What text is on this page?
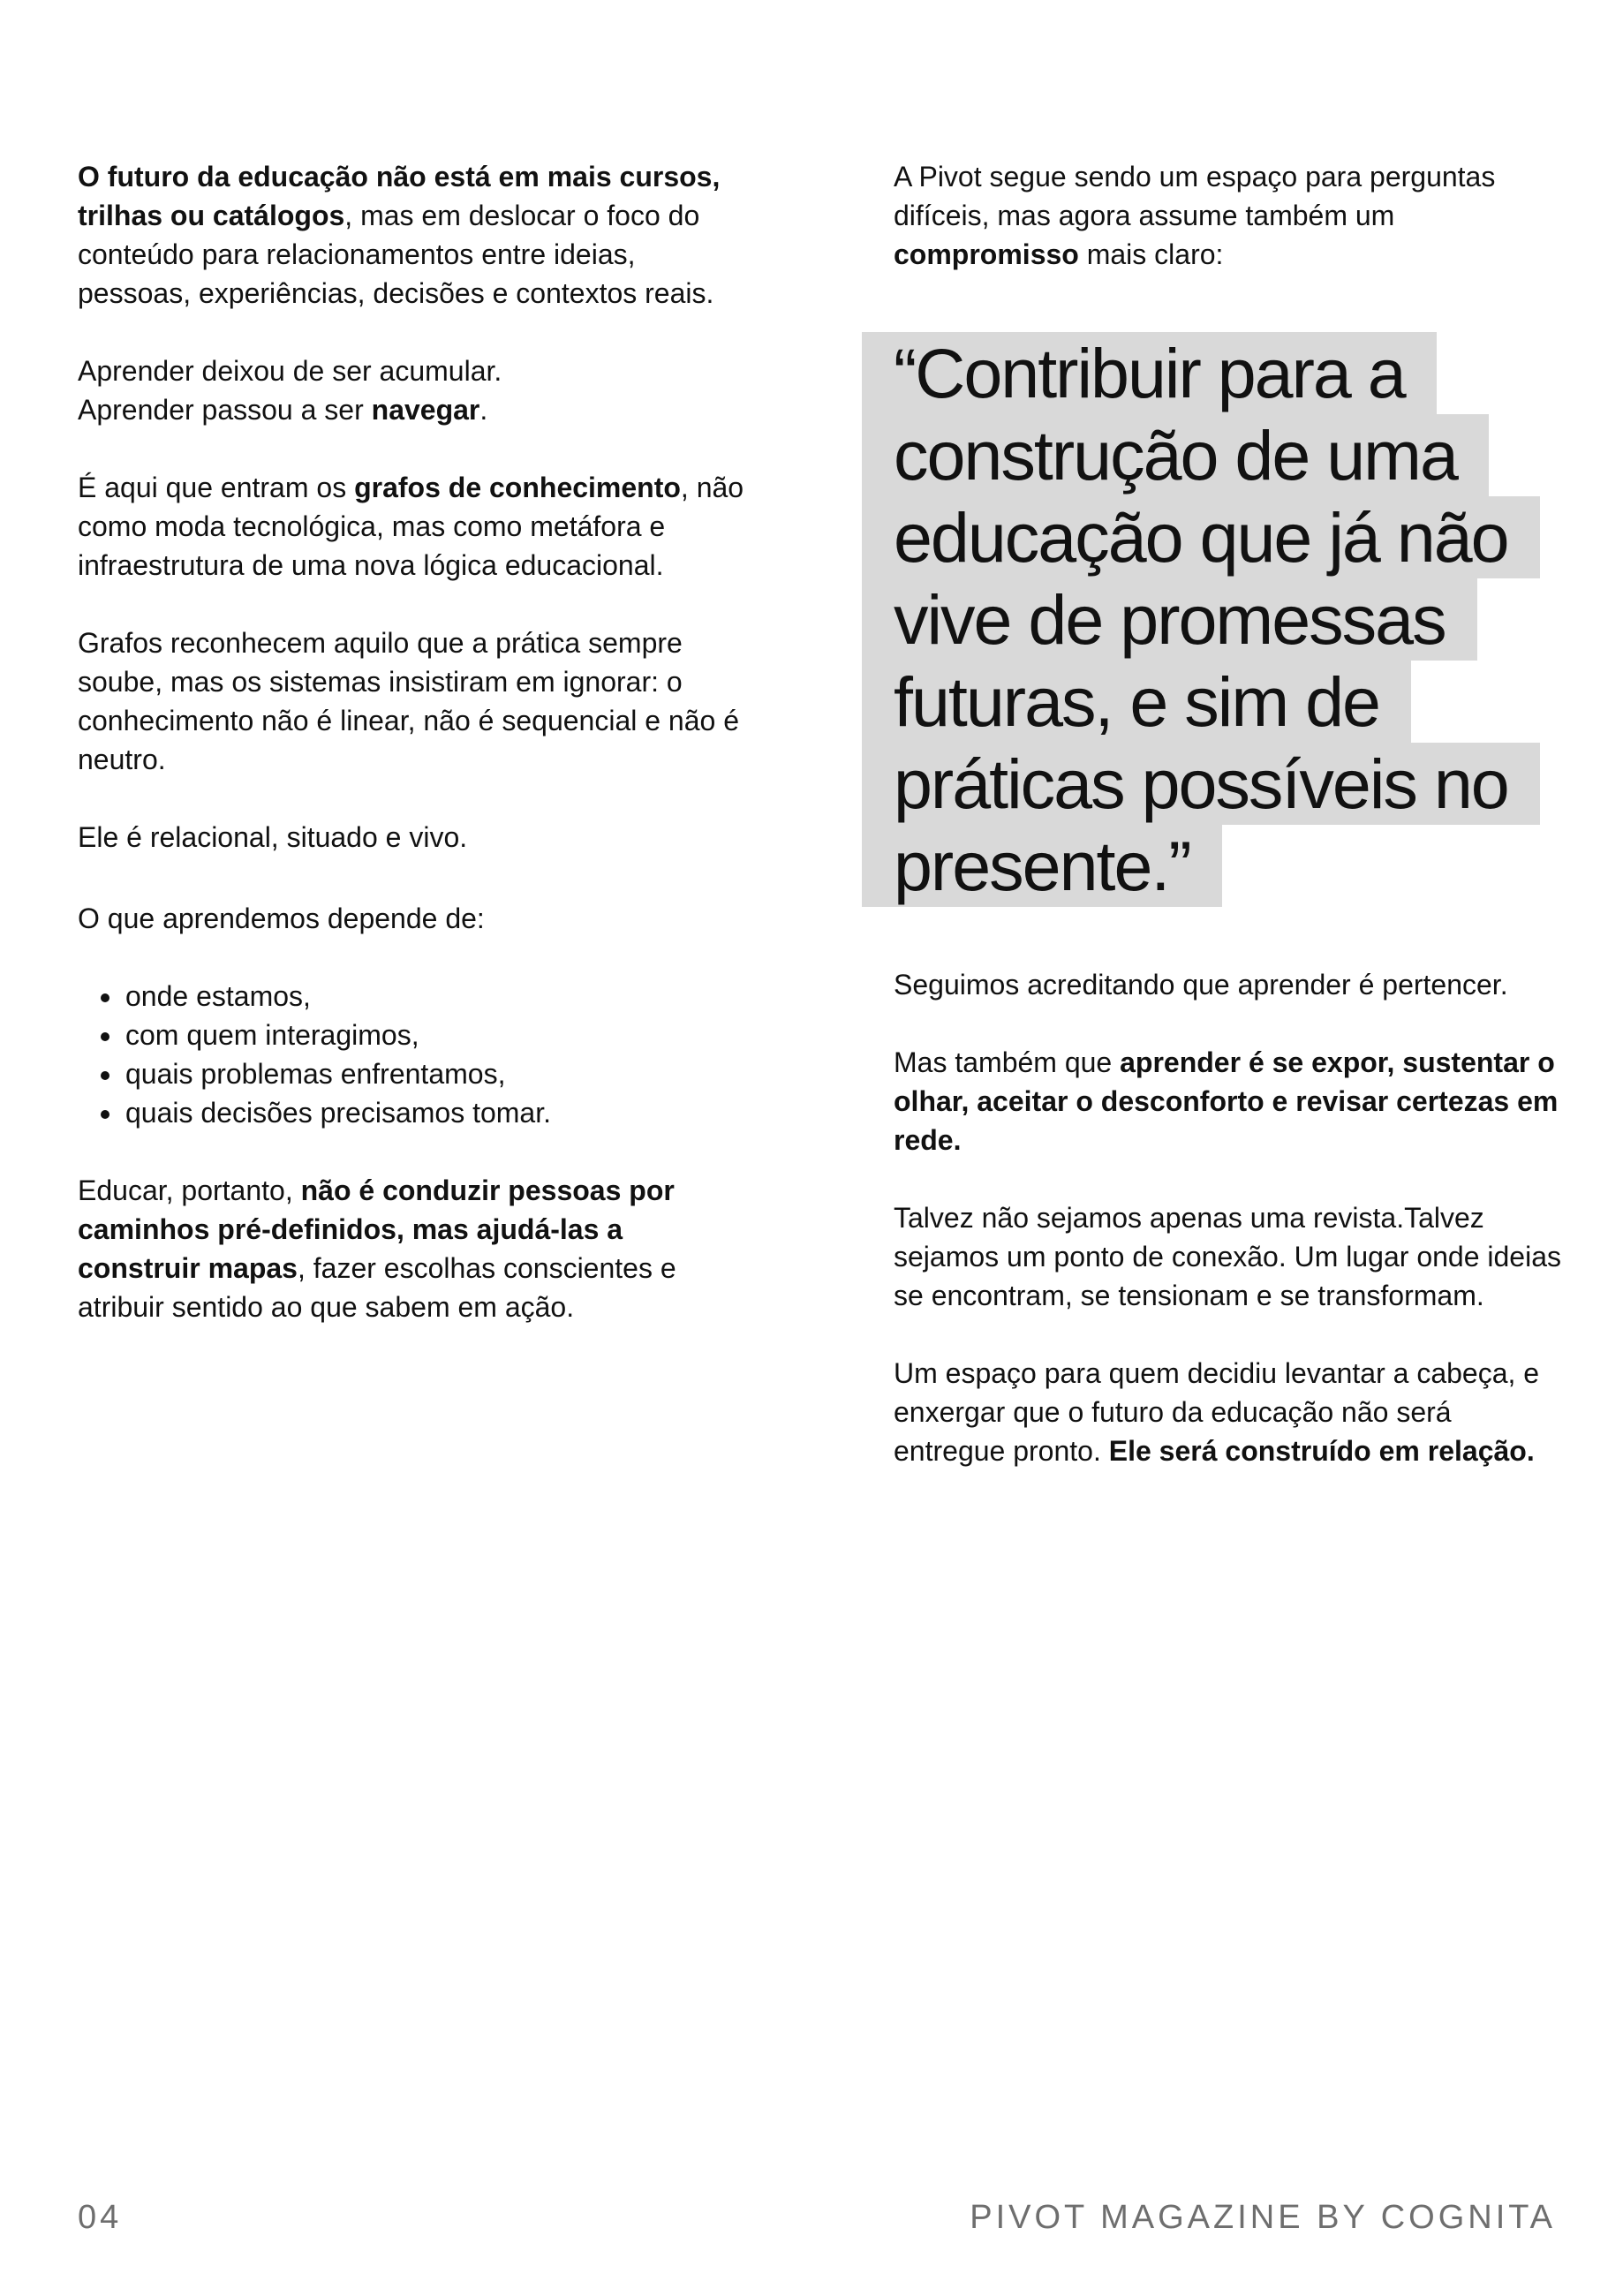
O futuro da educação não está em mais cursos, trilhas ou catálogos, mas em deslocar o foco do conteúdo para relacionamentos entre ideias, pessoas, experiências, decisões e contextos reais.

Aprender deixou de ser acumular.
Aprender passou a ser navegar.

É aqui que entram os grafos de conhecimento, não como moda tecnológica, mas como metáfora e infraestrutura de uma nova lógica educacional.

Grafos reconhecem aquilo que a prática sempre soube, mas os sistemas insistiram em ignorar: o conhecimento não é linear, não é sequencial e não é neutro.

Ele é relacional, situado e vivo.

O que aprendemos depende de:

• onde estamos,
• com quem interagimos,
• quais problemas enfrentamos,
• quais decisões precisamos tomar.

Educar, portanto, não é conduzir pessoas por caminhos pré-definidos, mas ajudá-las a construir mapas, fazer escolhas conscientes e atribuir sentido ao que sabem em ação.

A Pivot segue sendo um espaço para perguntas difíceis, mas agora assume também um compromisso mais claro:

“Contribuir para a
construção de uma
educação que já não
vive de promessas
futuras, e sim de
práticas possíveis no
presente.”

Seguimos acreditando que aprender é pertencer.

Mas também que aprender é se expor, sustentar o olhar, aceitar o desconforto e revisar certezas em rede.

Talvez não sejamos apenas uma revista.Talvez sejamos um ponto de conexão. Um lugar onde ideias se encontram, se tensionam e se transformam.

Um espaço para quem decidiu levantar a cabeça, e enxergar que o futuro da educação não será entregue pronto. Ele será construído em relação.

04	PIVOT MAGAZINE BY COGNITA
